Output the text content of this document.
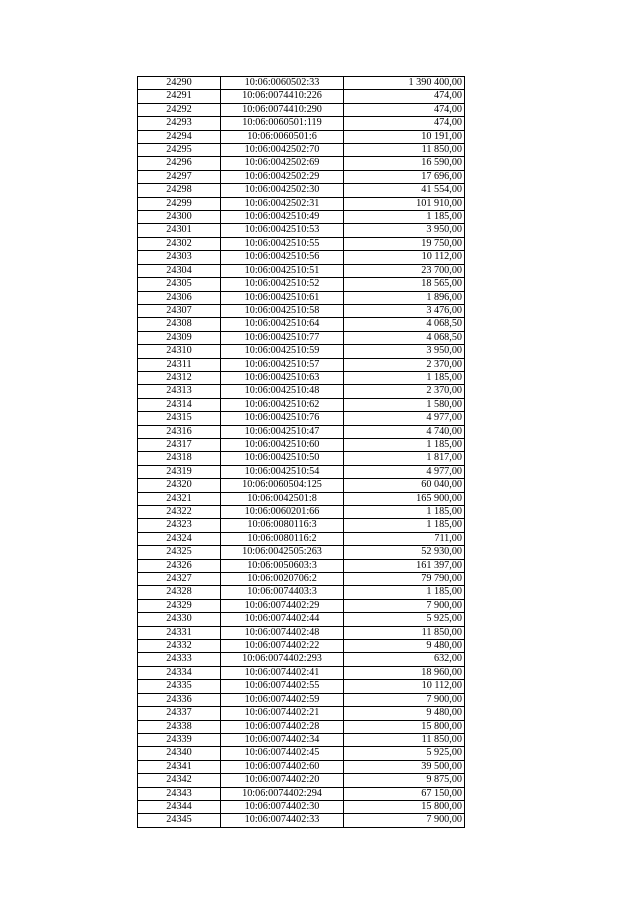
24290	10:06:0060502:33	1 390 400,00
24291	10:06:0074410:226	474,00
24292	10:06:0074410:290	474,00
24293	10:06:0060501:119	474,00
24294	10:06:0060501:6	10 191,00
24295	10:06:0042502:70	11 850,00
24296	10:06:0042502:69	16 590,00
24297	10:06:0042502:29	17 696,00
24298	10:06:0042502:30	41 554,00
24299	10:06:0042502:31	101 910,00
24300	10:06:0042510:49	1 185,00
24301	10:06:0042510:53	3 950,00
24302	10:06:0042510:55	19 750,00
24303	10:06:0042510:56	10 112,00
24304	10:06:0042510:51	23 700,00
24305	10:06:0042510:52	18 565,00
24306	10:06:0042510:61	1 896,00
24307	10:06:0042510:58	3 476,00
24308	10:06:0042510:64	4 068,50
24309	10:06:0042510:77	4 068,50
24310	10:06:0042510:59	3 950,00
24311	10:06:0042510:57	2 370,00
24312	10:06:0042510:63	1 185,00
24313	10:06:0042510:48	2 370,00
24314	10:06:0042510:62	1 580,00
24315	10:06:0042510:76	4 977,00
24316	10:06:0042510:47	4 740,00
24317	10:06:0042510:60	1 185,00
24318	10:06:0042510:50	1 817,00
24319	10:06:0042510:54	4 977,00
24320	10:06:0060504:125	60 040,00
24321	10:06:0042501:8	165 900,00
24322	10:06:0060201:66	1 185,00
24323	10:06:0080116:3	1 185,00
24324	10:06:0080116:2	711,00
24325	10:06:0042505:263	52 930,00
24326	10:06:0050603:3	161 397,00
24327	10:06:0020706:2	79 790,00
24328	10:06:0074403:3	1 185,00
24329	10:06:0074402:29	7 900,00
24330	10:06:0074402:44	5 925,00
24331	10:06:0074402:48	11 850,00
24332	10:06:0074402:22	9 480,00
24333	10:06:0074402:293	632,00
24334	10:06:0074402:41	18 960,00
24335	10:06:0074402:55	10 112,00
24336	10:06:0074402:59	7 900,00
24337	10:06:0074402:21	9 480,00
24338	10:06:0074402:28	15 800,00
24339	10:06:0074402:34	11 850,00
24340	10:06:0074402:45	5 925,00
24341	10:06:0074402:60	39 500,00
24342	10:06:0074402:20	9 875,00
24343	10:06:0074402:294	67 150,00
24344	10:06:0074402:30	15 800,00
24345	10:06:0074402:33	7 900,00
